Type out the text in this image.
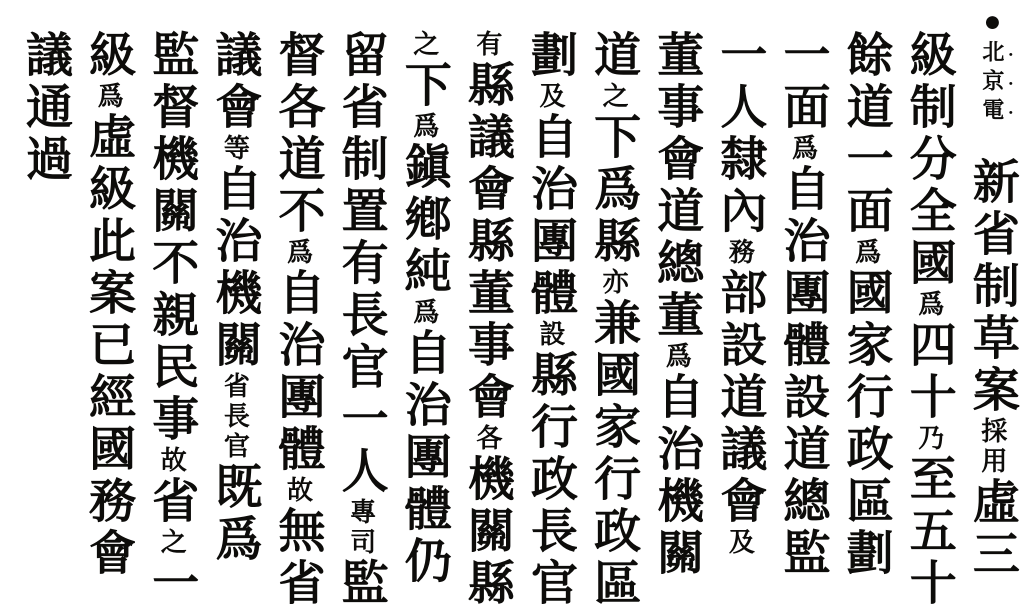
●北京電新省制草案採用虛三
級制分全國爲四十乃至五十
餘道一面爲國家行政區劃
一面爲自治團體設道總監
一人隸內務部設道議會及
董事會道總董爲自治機關
道之下爲縣亦兼國家行政區
劃及自治團體設縣行政長官
有縣議會縣董事會各機關縣
之下爲鎭鄕純爲自治團體仍
留省制置有長官一人專司監
督各道不爲自治團體故無省
議會等自治機關省長官既爲
監督機關不親民事故省之一
級爲虛級此案已經國務會
議通過
